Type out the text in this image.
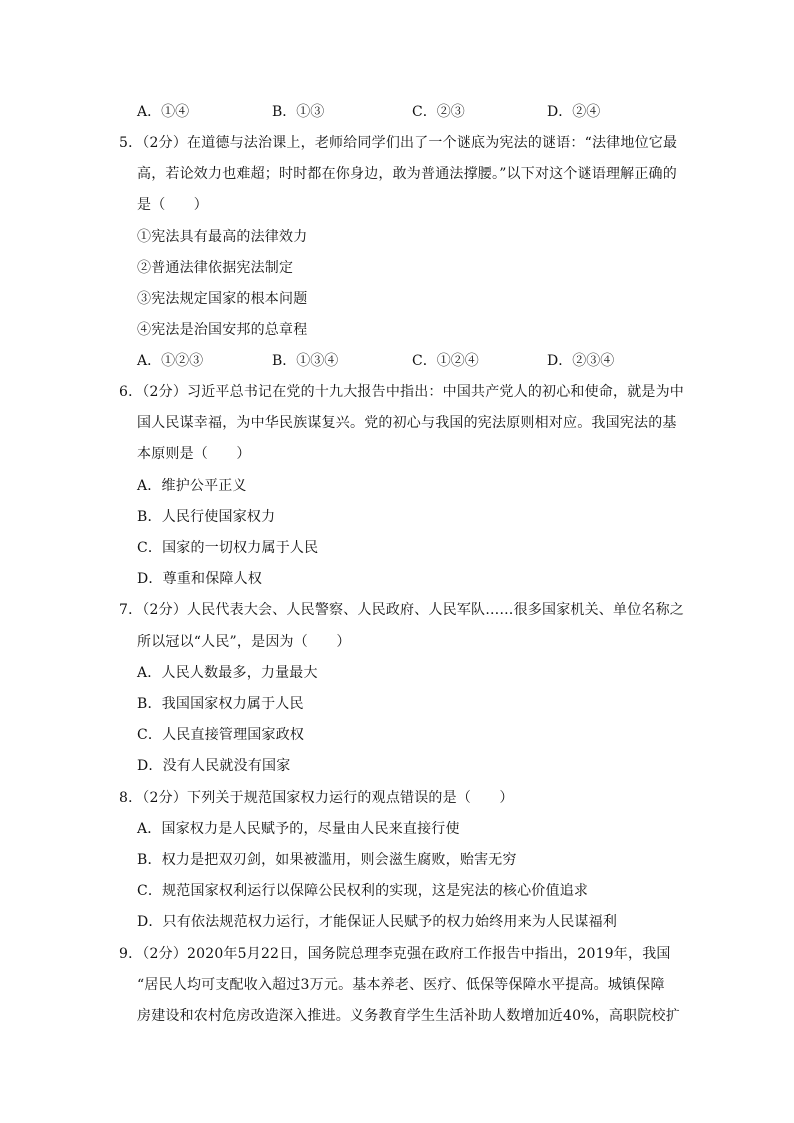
A．①④	B．①③	C．②③	D．②④
5．（2分）在道德与法治课上，老师给同学们出了一个谜底为宪法的谜语：“法律地位它最
高，若论效力也难超；时时都在你身边，敢为普通法撑腰。”以下对这个谜语理解正确的
是（　　）
①宪法具有最高的法律效力
②普通法律依据宪法制定
③宪法规定国家的根本问题
④宪法是治国安邦的总章程
A．①②③	B．①③④	C．①②④	D．②③④
6．（2分）习近平总书记在党的十九大报告中指出：中国共产党人的初心和使命，就是为中
国人民谋幸福，为中华民族谋复兴。党的初心与我国的宪法原则相对应。我国宪法的基
本原则是（　　）
A．维护公平正义
B．人民行使国家权力
C．国家的一切权力属于人民
D．尊重和保障人权
7．（2分）人民代表大会、人民警察、人民政府、人民军队……很多国家机关、单位名称之
所以冠以“人民”，是因为（　　）
A．人民人数最多，力量最大
B．我国国家权力属于人民
C．人民直接管理国家政权
D．没有人民就没有国家
8．（2分）下列关于规范国家权力运行的观点错误的是（　　）
A．国家权力是人民赋予的，尽量由人民来直接行使
B．权力是把双刃剑，如果被滥用，则会滋生腐败，贻害无穷
C．规范国家权利运行以保障公民权利的实现，这是宪法的核心价值追求
D．只有依法规范权力运行，才能保证人民赋予的权力始终用来为人民谋福利
9．（2分）2020年5月22日，国务院总理李克强在政府工作报告中指出，2019年，我国
“居民人均可支配收入超过3万元。基本养老、医疗、低保等保障水平提高。城镇保障
房建设和农村危房改造深入推进。义务教育学生生活补助人数增加近40%，高职院校扩
